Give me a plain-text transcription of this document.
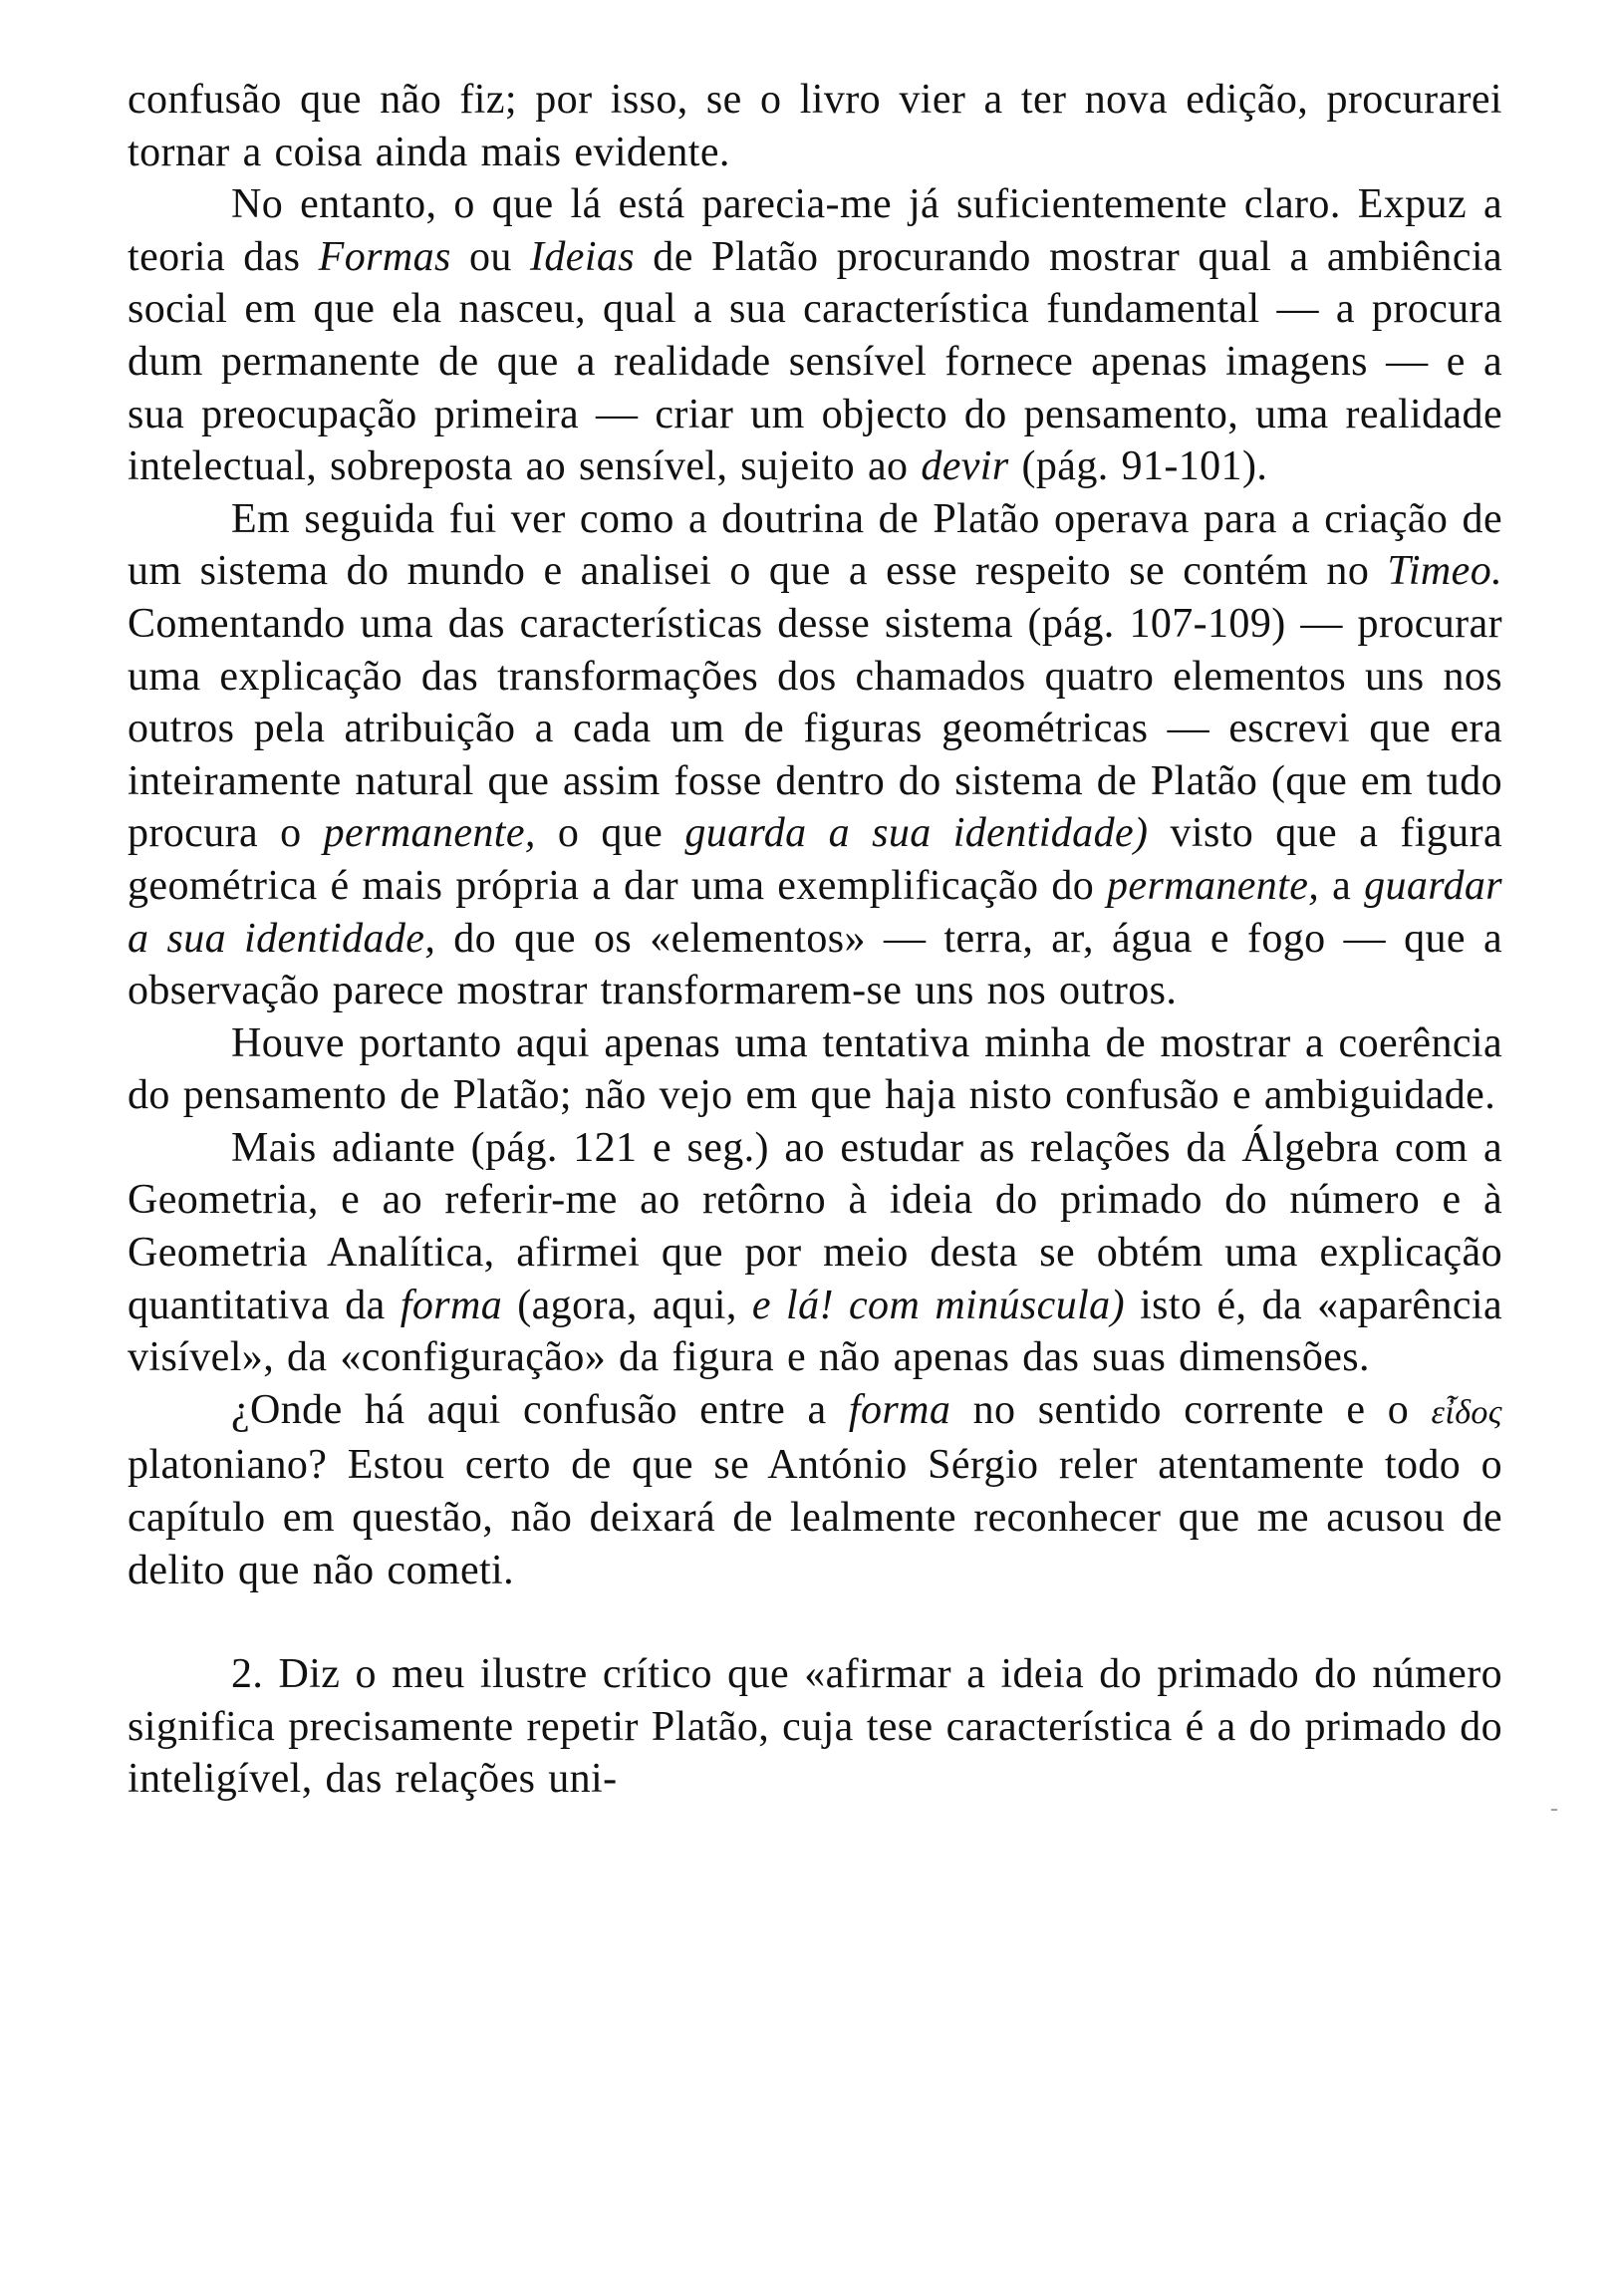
confusão que não fiz; por isso, se o livro vier a ter nova edição, procurarei tornar a coisa ainda mais evidente.

No entanto, o que lá está parecia-me já suficientemente claro. Expuz a teoria das Formas ou Ideias de Platão procurando mostrar qual a ambiência social em que ela nasceu, qual a sua característica fundamental — a procura dum permanente de que a realidade sensível fornece apenas imagens — e a sua preocupação primeira — criar um objecto do pensamento, uma realidade intelectual, sobreposta ao sensível, sujeito ao devir (pág. 91-101).

Em seguida fui ver como a doutrina de Platão operava para a criação de um sistema do mundo e analisei o que a esse respeito se contém no Timeo. Comentando uma das características desse sistema (pág. 107-109) — procurar uma explicação das transformações dos chamados quatro elementos uns nos outros pela atribuição a cada um de figuras geométricas — escrevi que era inteiramente natural que assim fosse dentro do sistema de Platão (que em tudo procura o permanente, o que guarda a sua identidade) visto que a figura geométrica é mais própria a dar uma exemplificação do permanente, a guardar a sua identidade, do que os «elementos» — terra, ar, água e fogo — que a observação parece mostrar transformarem-se uns nos outros.

Houve portanto aqui apenas uma tentativa minha de mostrar a coerência do pensamento de Platão; não vejo em que haja nisto confusão e ambiguidade.

Mais adiante (pág. 121 e seg.) ao estudar as relações da Álgebra com a Geometria, e ao referir-me ao retôrno à ideia do primado do número e à Geometria Analítica, afirmei que por meio desta se obtém uma explicação quantitativa da forma (agora, aqui, e lá! com minúscula) isto é, da «aparência visível», da «configuração» da figura e não apenas das suas dimensões.

¿Onde há aqui confusão entre a forma no sentido corrente e o εἶδος platoniano? Estou certo de que se António Sérgio reler atentamente todo o capítulo em questão, não deixará de lealmente reconhecer que me acusou de delito que não cometi.

2. Diz o meu ilustre crítico que «afirmar a ideia do primado do número significa precisamente repetir Platão, cuja tese característica é a do primado do inteligível, das relações uni-

‑
